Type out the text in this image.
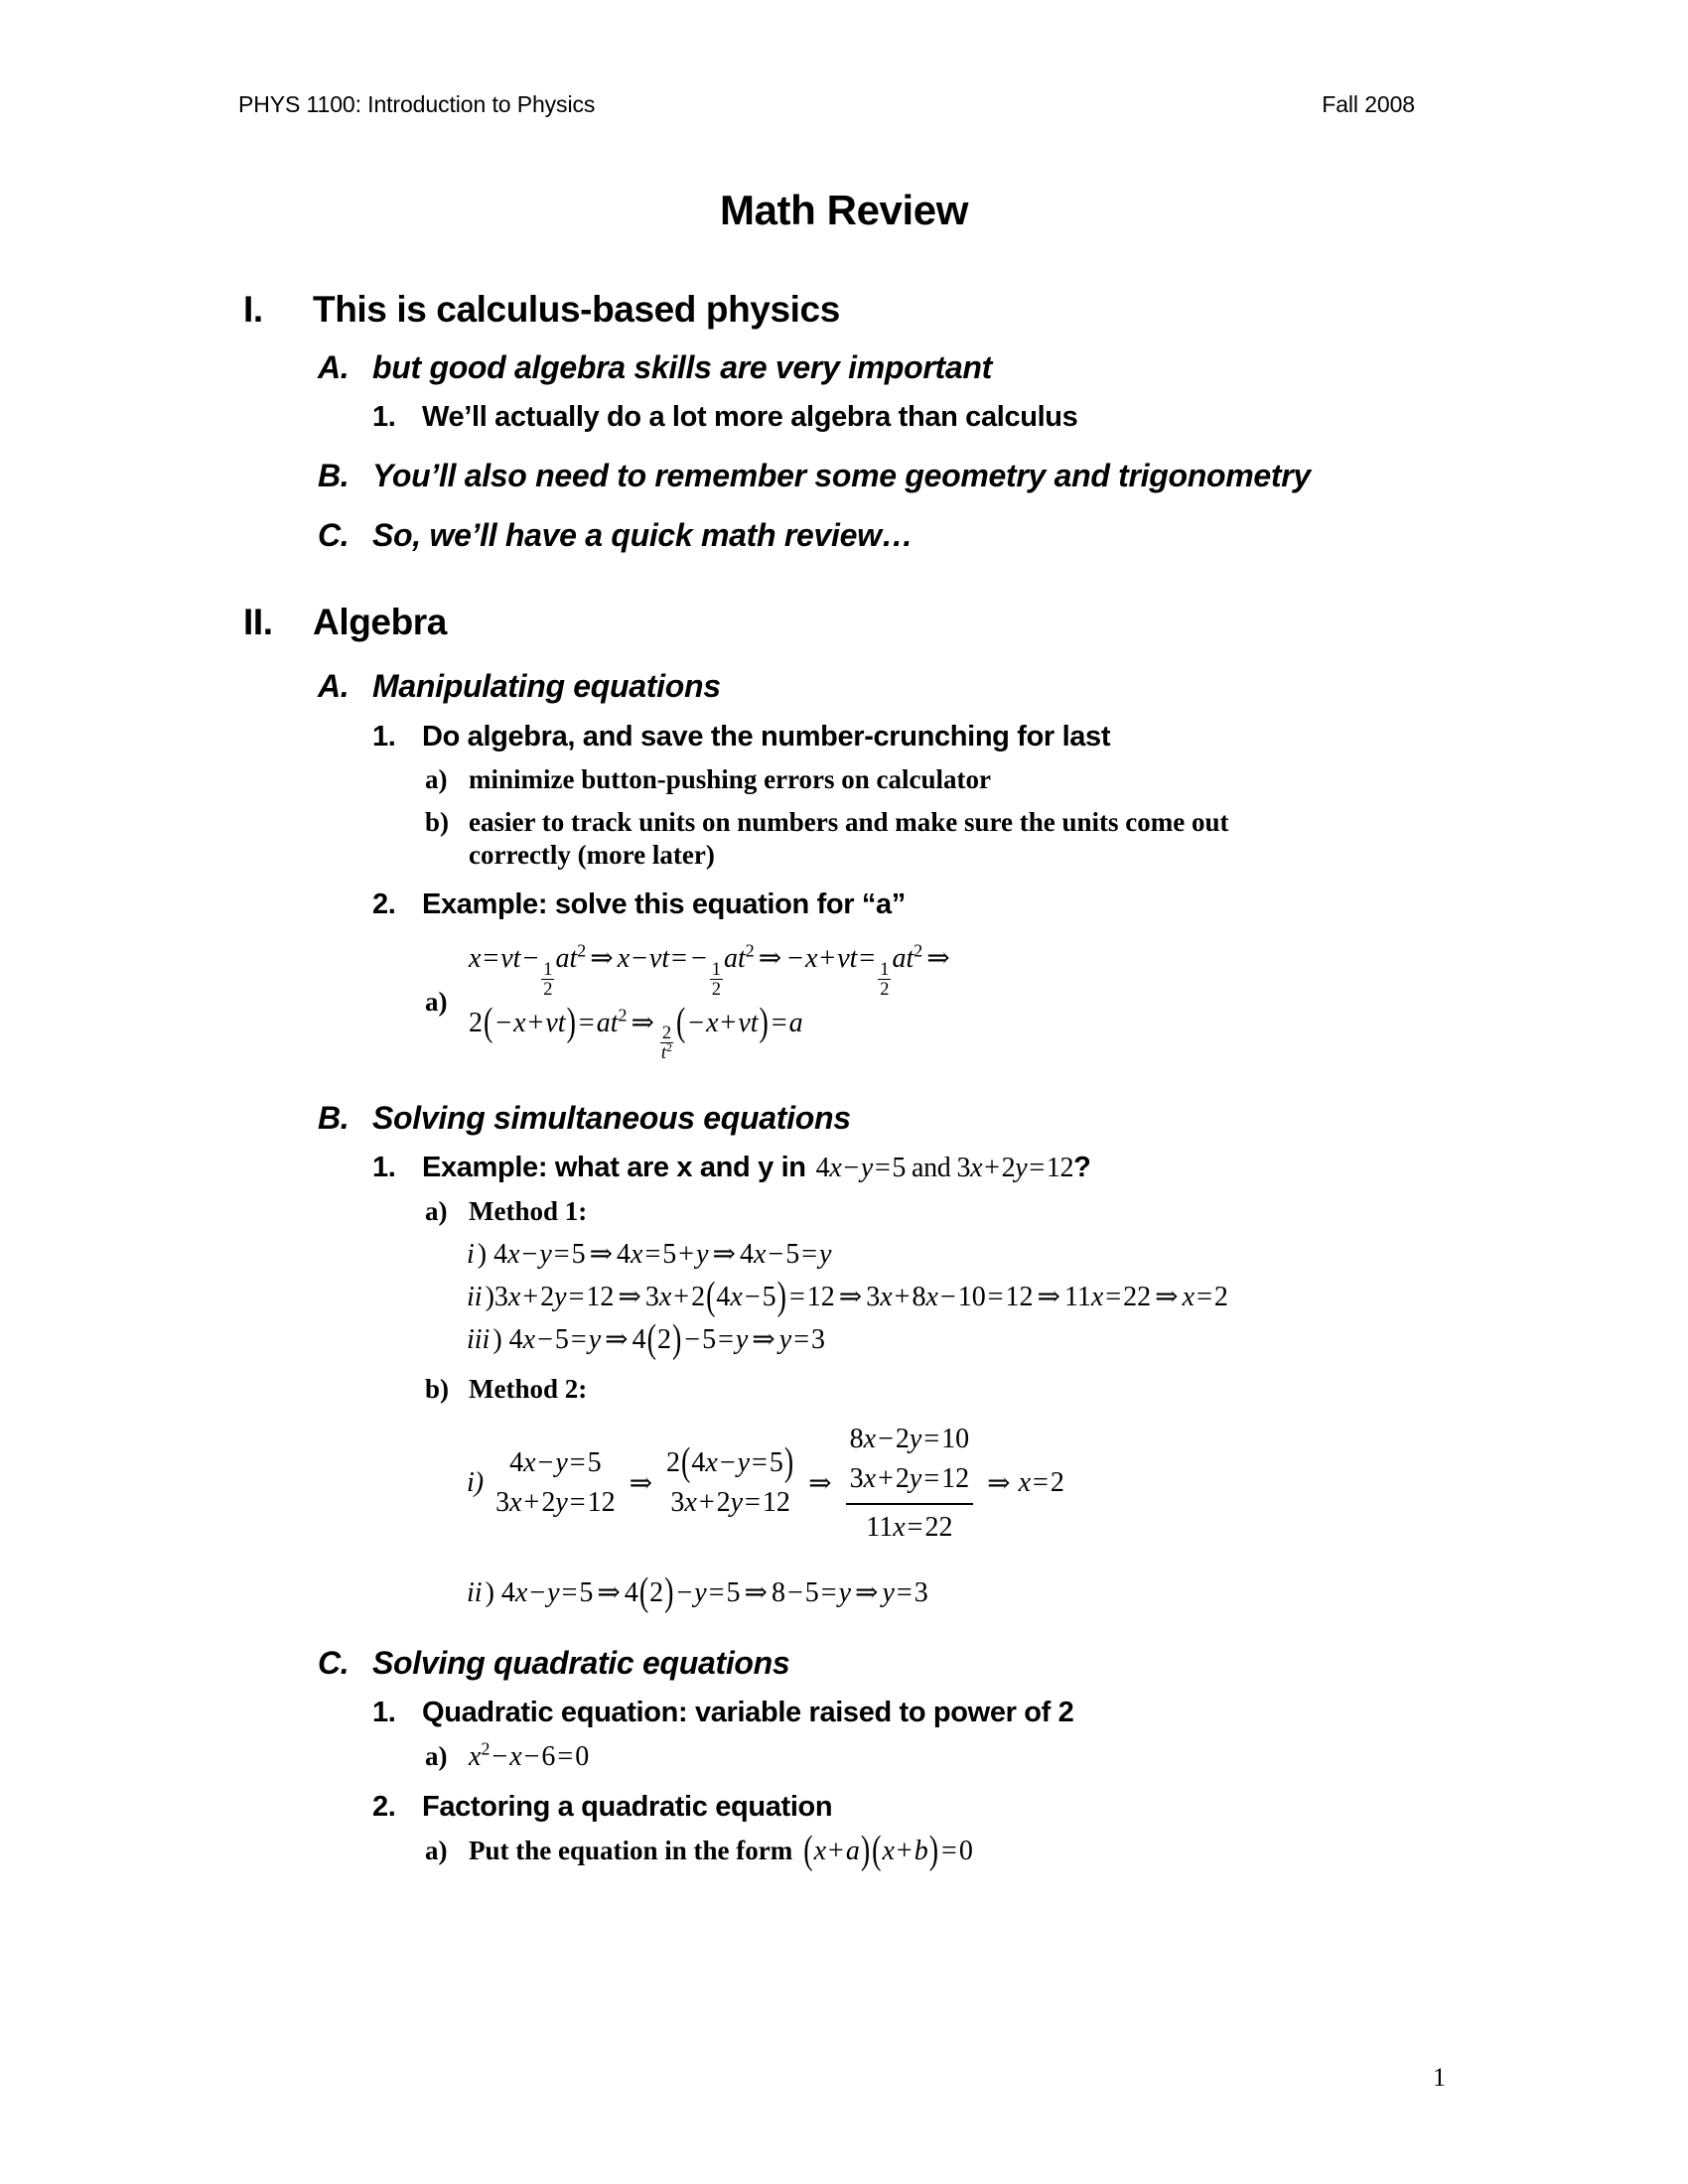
PHYS 1100: Introduction to Physics	Fall 2008
Math Review
I.	This is calculus-based physics
A. but good algebra skills are very important
1. We’ll actually do a lot more algebra than calculus
B. You’ll also need to remember some geometry and trigonometry
C. So, we’ll have a quick math review…
II.	Algebra
A. Manipulating equations
1. Do algebra, and save the number-crunching for last
a) minimize button-pushing errors on calculator
b) easier to track units on numbers and make sure the units come out correctly (more later)
2. Example: solve this equation for “a”
a)
x=vt−
$\frac{1}{2}$
$at^2$ ⇒ x−vt= −
$\frac{1}{2}$
$at^2$ ⇒ −x+vt=
$\frac{1}{2}$
$at^2$ ⇒
$2( -x+vt) =at^2$ ⇒
$\frac{2}{t^2}$ ( −x+vt) =a
B. Solving simultaneous equations
1. Example: what are x and y in 4x−y=5 and 3x+2y=12?
a) Method 1:
i ) 4x−y=5 ⇒ 4x=5+y ⇒ 4x−5=y
ii )3x+2y=12 ⇒ 3x+2(4x−5) =12 ⇒ 3x+8x−10=12 ⇒ 11x=22 ⇒ x=2
iii ) 4x−5=y ⇒ 4(2) −5=y ⇒ y=3
b) Method 2:
i)
4x−y=5
3x+2y=12
⇒
2(4x−y=5)
3x+2y=12
⇒
8x−2y=10
3x+2y=12
11x=22
⇒ x=2
ii ) 4x−y=5 ⇒ 4(2) −y=5 ⇒ 8−5=y ⇒ y=3
C. Solving quadratic equations
1. Quadratic equation: variable raised to power of 2
a) $x^2-x-6=0$
2. Factoring a quadratic equation
a) Put the equation in the form (x+a)(x+b) =0
1
